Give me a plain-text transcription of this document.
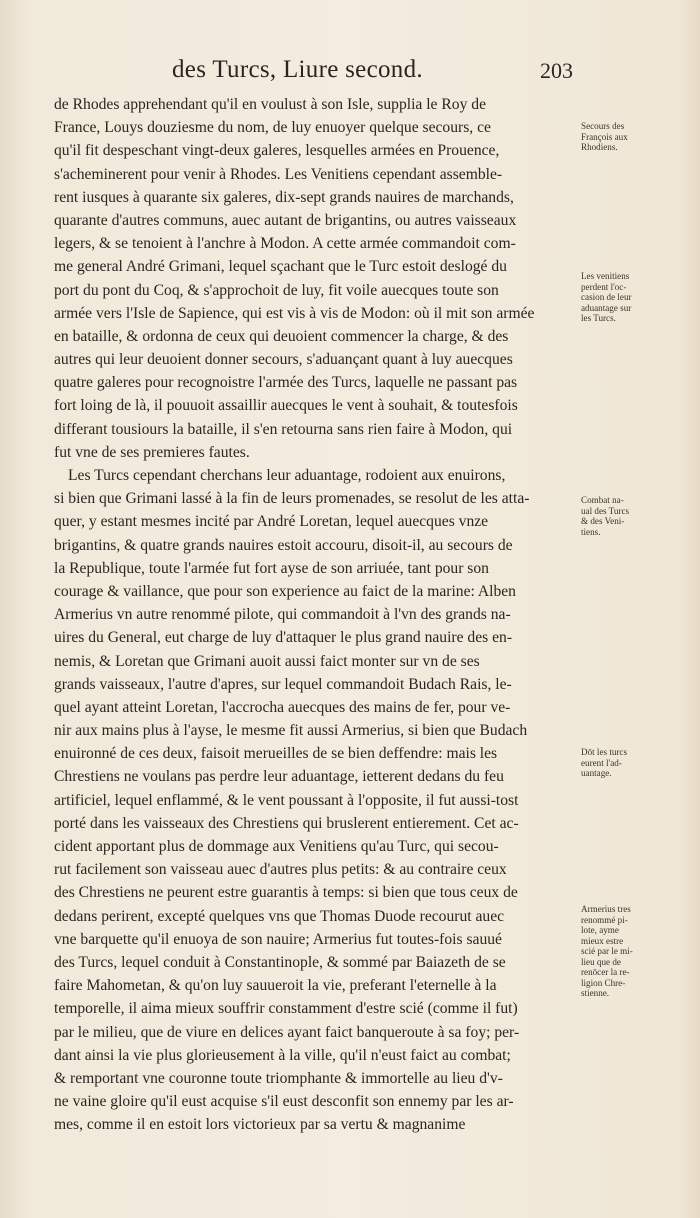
des Turcs, Liure second.	203
de Rhodes apprehendant qu'il en voulust à son Isle, supplia le Roy de
France, Louys douziesme du nom, de luy enuoyer quelque secours, ce
qu'il fit despeschant vingt-deux galeres, lesquelles armées en Prouence,
s'acheminerent pour venir à Rhodes. Les Venitiens cependant assemble-
rent iusques à quarante six galeres, dix-sept grands nauires de marchands,
quarante d'autres communs, auec autant de brigantins, ou autres vaisseaux
legers, & se tenoient à l'anchre à Modon. A cette armée commandoit com-
me general André Grimani, lequel sçachant que le Turc estoit deslogé du
port du pont du Coq, & s'approchoit de luy, fit voile auecques toute son
armée vers l'Isle de Sapience, qui est vis à vis de Modon: où il mit son armée
en bataille, & ordonna de ceux qui deuoient commencer la charge, & des
autres qui leur deuoient donner secours, s'aduançant quant à luy auecques
quatre galeres pour recognoistre l'armée des Turcs, laquelle ne passant pas
fort loing de là, il pouuoit assaillir auecques le vent à souhait, & toutesfois
differant tousiours la bataille, il s'en retourna sans rien faire à Modon, qui
fut vne de ses premieres fautes.
Les Turcs cependant cherchans leur aduantage, rodoient aux enuirons,
si bien que Grimani lassé à la fin de leurs promenades, se resolut de les atta-
quer, y estant mesmes incité par André Loretan, lequel auecques vnze
brigantins, & quatre grands nauires estoit accouru, disoit-il, au secours de
la Republique, toute l'armée fut fort ayse de son arriuée, tant pour son
courage & vaillance, que pour son experience au faict de la marine: Alben
Armerius vn autre renommé pilote, qui commandoit à l'vn des grands na-
uires du General, eut charge de luy d'attaquer le plus grand nauire des en-
nemis, & Loretan que Grimani auoit aussi faict monter sur vn de ses
grands vaisseaux, l'autre d'apres, sur lequel commandoit Budach Rais, le-
quel ayant atteint Loretan, l'accrocha auecques des mains de fer, pour ve-
nir aux mains plus à l'ayse, le mesme fit aussi Armerius, si bien que Budach
enuironné de ces deux, faisoit merueilles de se bien deffendre: mais les
Chrestiens ne voulans pas perdre leur aduantage, ietterent dedans du feu
artificiel, lequel enflammé, & le vent poussant à l'opposite, il fut aussi-tost
porté dans les vaisseaux des Chrestiens qui bruslerent entierement. Cet ac-
cident apportant plus de dommage aux Venitiens qu'au Turc, qui secou-
rut facilement son vaisseau auec d'autres plus petits: & au contraire ceux
des Chrestiens ne peurent estre guarantis à temps: si bien que tous ceux de
dedans perirent, excepté quelques vns que Thomas Duode recourut auec
vne barquette qu'il enuoya de son nauire; Armerius fut toutes-fois sauué
des Turcs, lequel conduit à Constantinople, & sommé par Baiazeth de se
faire Mahometan, & qu'on luy sauueroit la vie, preferant l'eternelle à la
temporelle, il aima mieux souffrir constamment d'estre scié (comme il fut)
par le milieu, que de viure en delices ayant faict banqueroute à sa foy; per-
dant ainsi la vie plus glorieusement à la ville, qu'il n'eust faict au combat;
& remportant vne couronne toute triomphante & immortelle au lieu d'v-
ne vaine gloire qu'il eust acquise s'il eust desconfit son ennemy par les ar-
mes, comme il en estoit lors victorieux par sa vertu & magnanime
Secours des
François aux
Rhodiens.
Les venitiens
perdent l'oc-
casion de leur
aduantage sur
les Turcs.
Combat na-
ual des Turcs
& des Veni-
tiens.
Dōt les turcs
eurent l'ad-
uantage.
Armerius tres
renommé pi-
lote, ayme
mieux estre
scié par le mi-
lieu que de
renōcer la re-
ligion Chre-
stienne.
